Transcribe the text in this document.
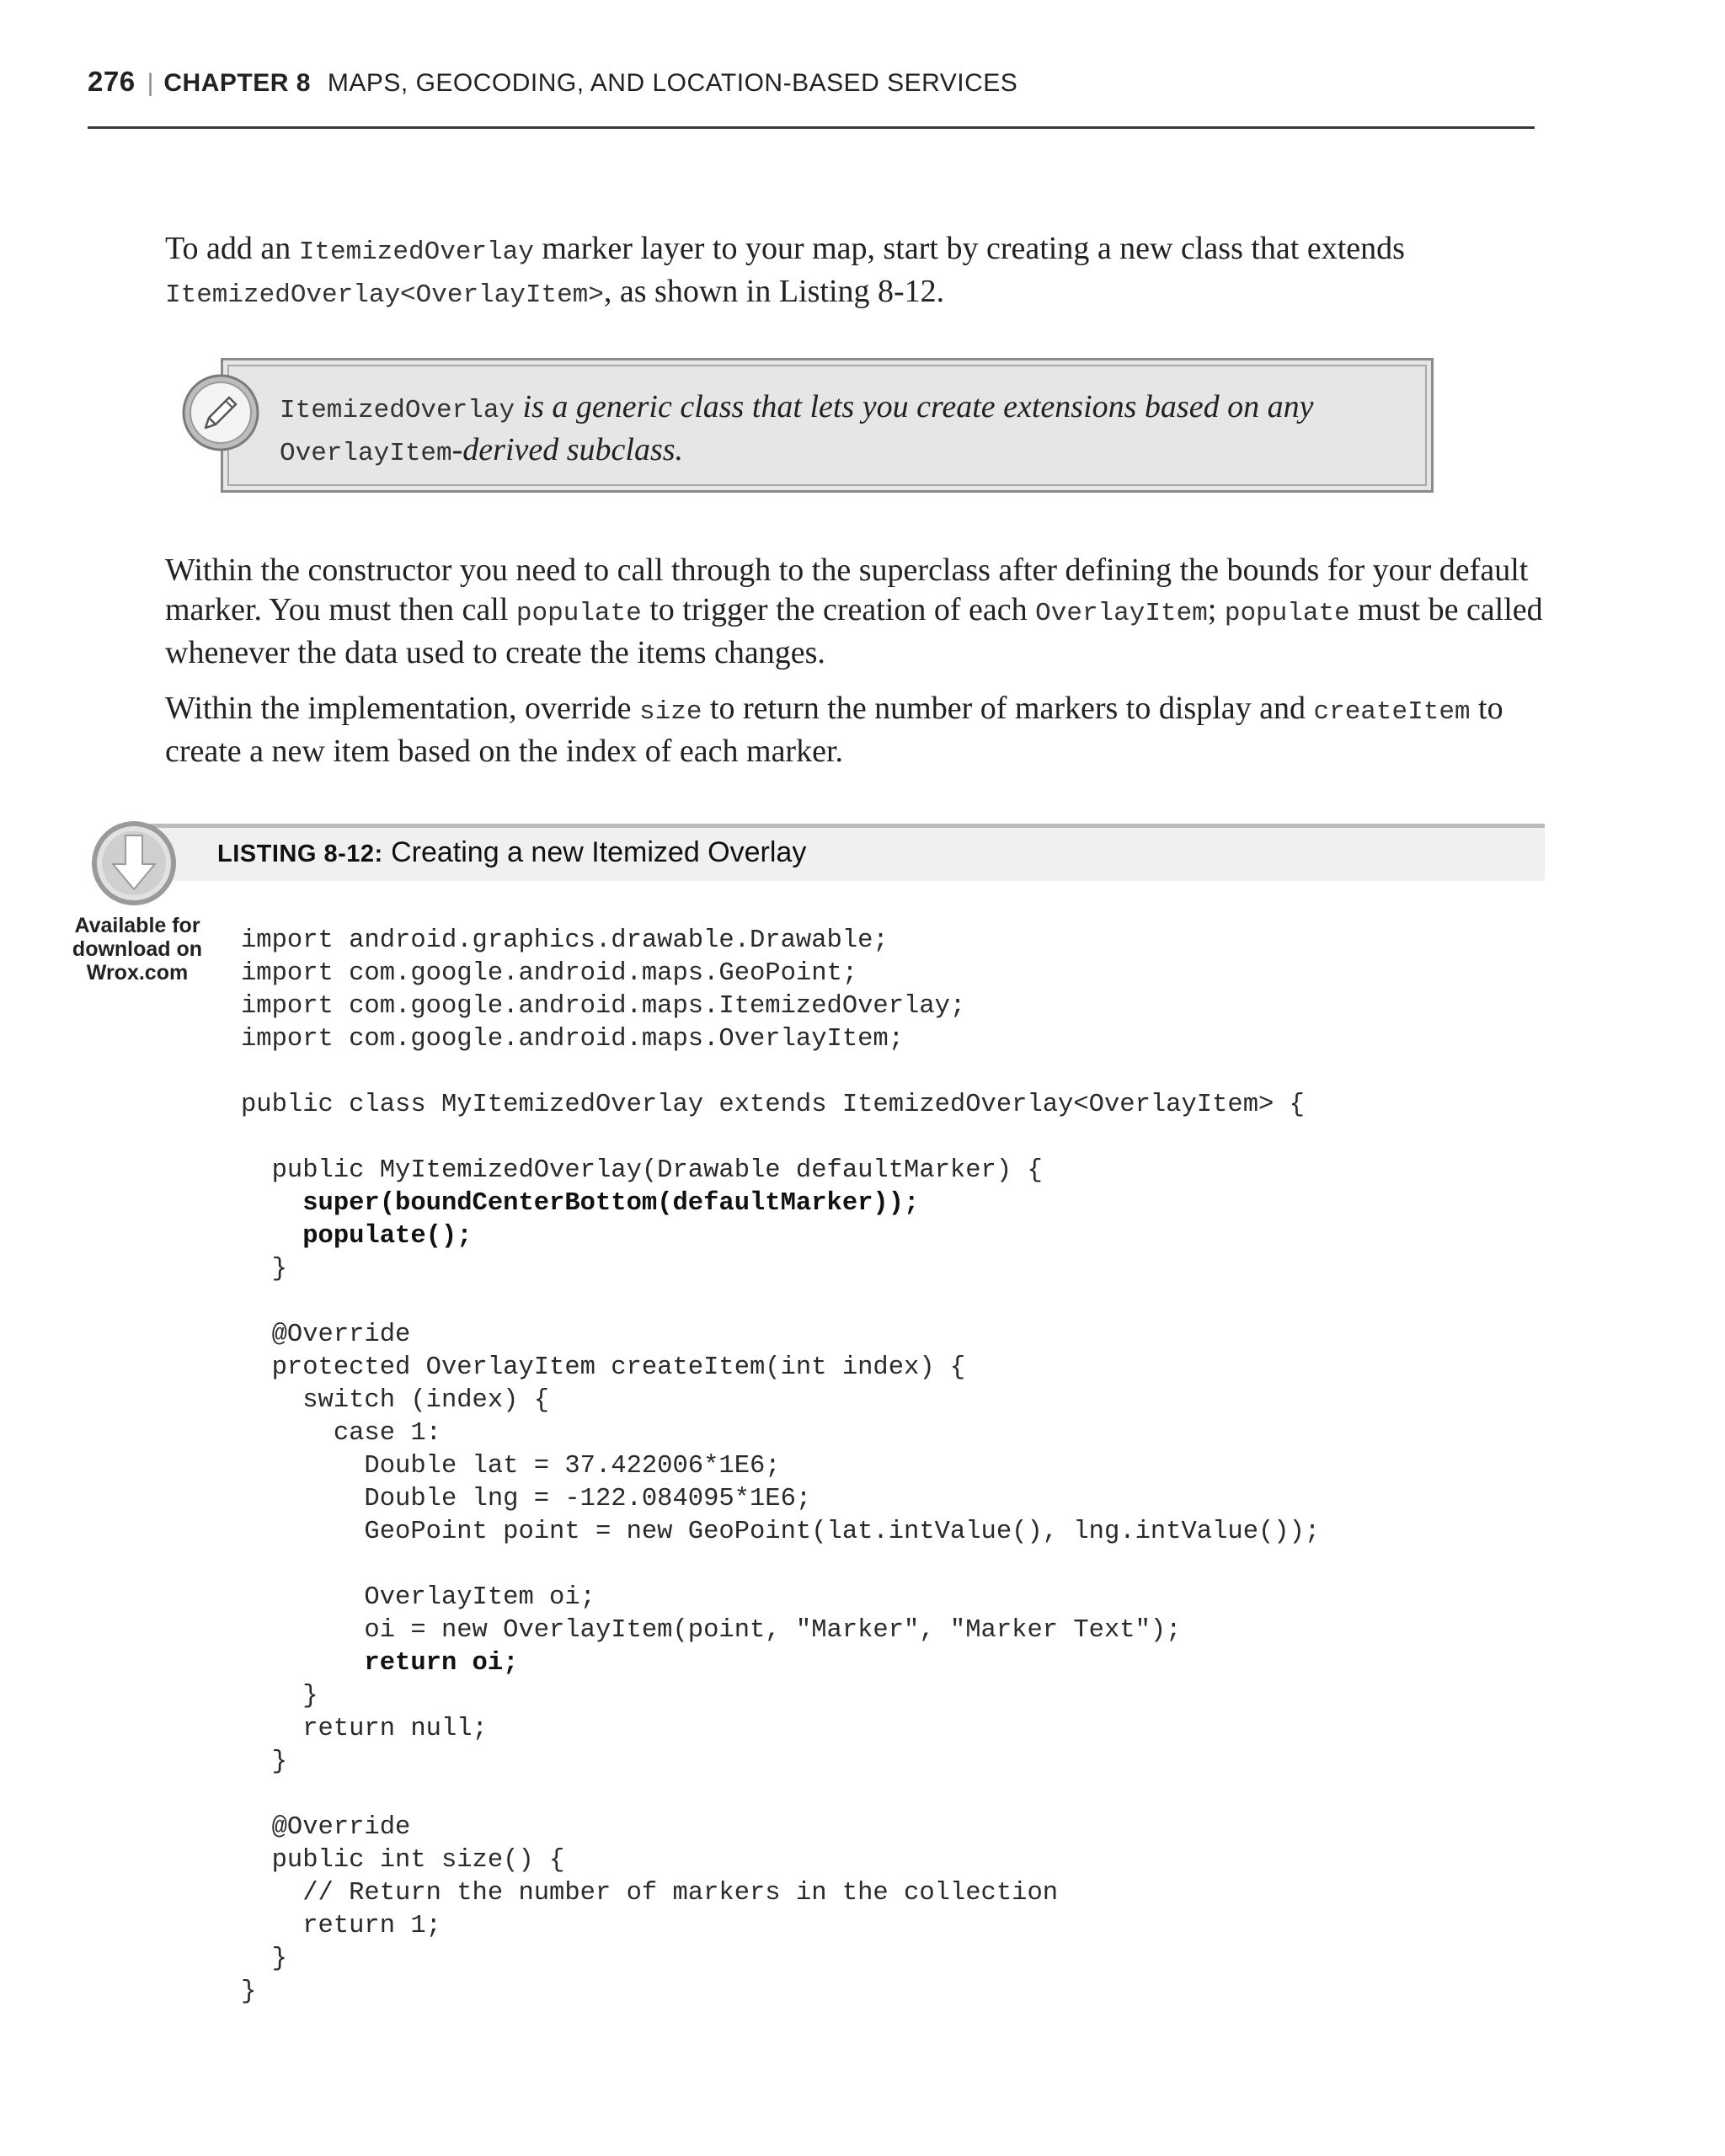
276 | CHAPTER 8 MAPS, GEOCODING, AND LOCATION-BASED SERVICES
To add an ItemizedOverlay marker layer to your map, start by creating a new class that extends ItemizedOverlay<OverlayItem>, as shown in Listing 8-12.
ItemizedOverlay is a generic class that lets you create extensions based on any OverlayItem-derived subclass.
Within the constructor you need to call through to the superclass after defining the bounds for your default marker. You must then call populate to trigger the creation of each OverlayItem; populate must be called whenever the data used to create the items changes.
Within the implementation, override size to return the number of markers to display and createItem to create a new item based on the index of each marker.
LISTING 8-12: Creating a new Itemized Overlay
Available for download on Wrox.com
import android.graphics.drawable.Drawable;
import com.google.android.maps.GeoPoint;
import com.google.android.maps.ItemizedOverlay;
import com.google.android.maps.OverlayItem;

public class MyItemizedOverlay extends ItemizedOverlay<OverlayItem> {

public MyItemizedOverlay(Drawable defaultMarker) {
super(boundCenterBottom(defaultMarker));
populate();
}

@Override
protected OverlayItem createItem(int index) {
switch (index) {
case 1:
Double lat = 37.422006*1E6;
Double lng = -122.084095*1E6;
GeoPoint point = new GeoPoint(lat.intValue(), lng.intValue());

OverlayItem oi;
oi = new OverlayItem(point, "Marker", "Marker Text");
return oi;
}
return null;
}

@Override
public int size() {
// Return the number of markers in the collection
return 1;
}
}
